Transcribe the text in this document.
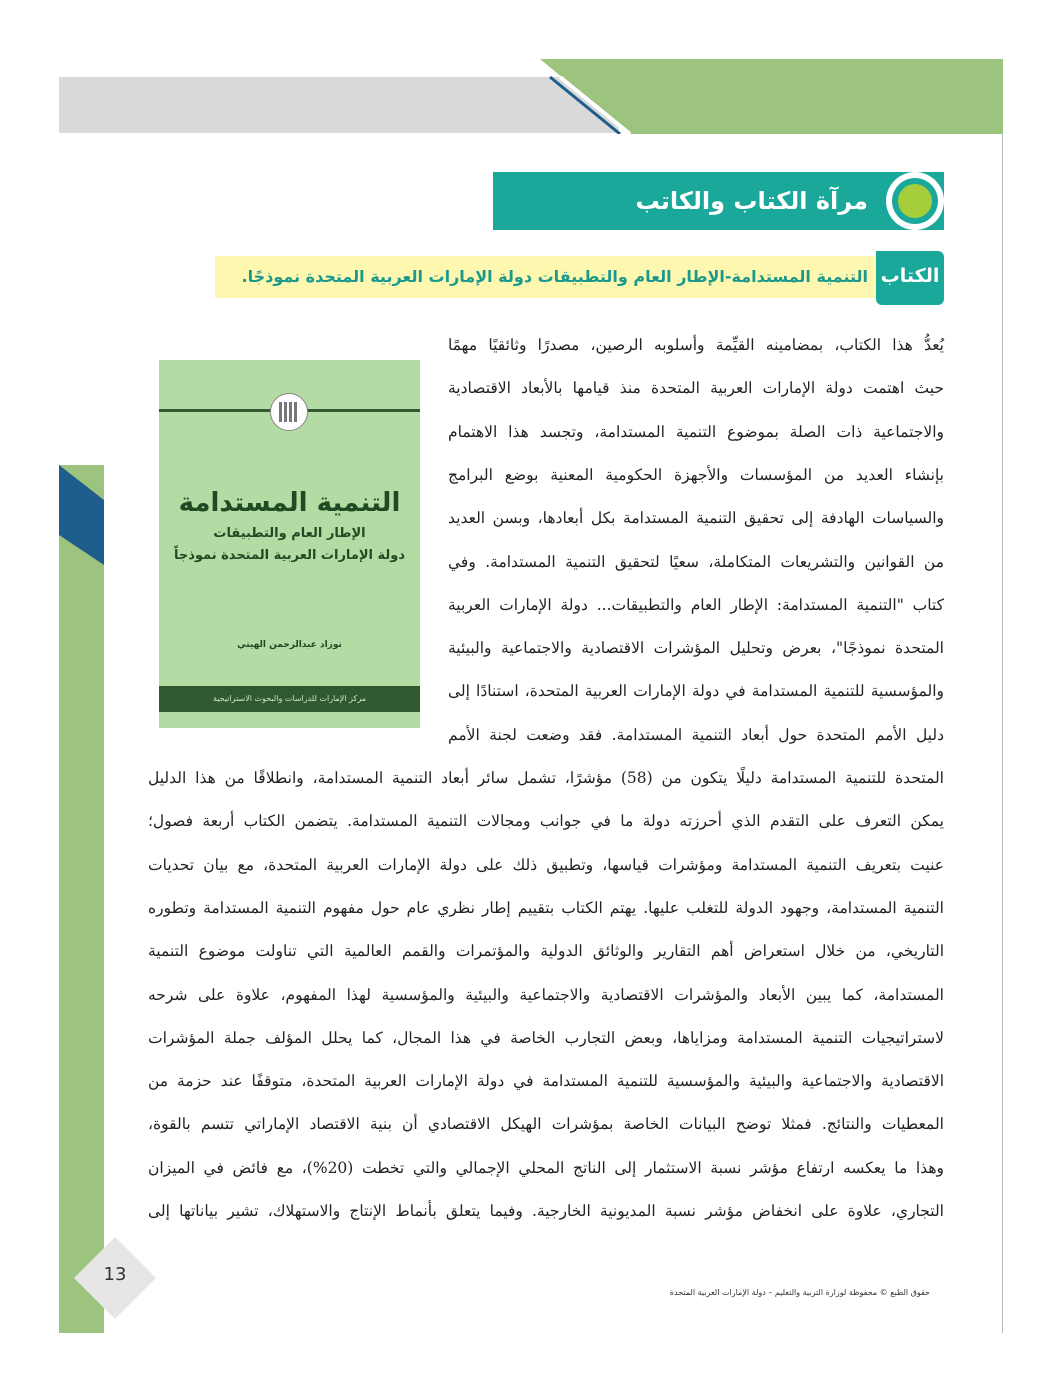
مرآة الكتاب والكاتب
الكتاب
التنمية المستدامة-الإطار العام والتطبيقات دولة الإمارات العربية المتحدة نموذجًا.
التنمية المستدامة
الإطار العام والتطبيقات
دولة الإمارات العربية المتحدة نموذجاً
نوزاد عبدالرحمن الهيتي
مركز الإمارات للدراسات والبحوث الاستراتيجية
يُعدُّ هذا الكتاب، بمضامينه القيِّمة وأسلوبه الرصين، مصدرًا وثائقيًا مهمًا
حيث اهتمت دولة الإمارات العربية المتحدة منذ قيامها بالأبعاد الاقتصادية
والاجتماعية ذات الصلة بموضوع التنمية المستدامة، وتجسد هذا الاهتمام
بإنشاء العديد من المؤسسات والأجهزة الحكومية المعنية بوضع البرامج
والسياسات الهادفة إلى تحقيق التنمية المستدامة بكل أبعادها، وبسن العديد
من القوانين والتشريعات المتكاملة، سعيًا لتحقيق التنمية المستدامة. وفي
كتاب "التنمية المستدامة: الإطار العام والتطبيقات... دولة الإمارات العربية
المتحدة نموذجًا"، بعرض وتحليل المؤشرات الاقتصادية والاجتماعية والبيئية
والمؤسسية للتنمية المستدامة في دولة الإمارات العربية المتحدة، استنادًا إلى
دليل الأمم المتحدة حول أبعاد التنمية المستدامة. فقد وضعت لجنة الأمم
المتحدة للتنمية المستدامة دليلًا يتكون من (58) مؤشرًا، تشمل سائر أبعاد التنمية المستدامة، وانطلاقًا من هذا الدليل
يمكن التعرف على التقدم الذي أحرزته دولة ما في جوانب ومجالات التنمية المستدامة. يتضمن الكتاب أربعة فصول؛
عنيت بتعريف التنمية المستدامة ومؤشرات قياسها، وتطبيق ذلك على دولة الإمارات العربية المتحدة، مع بيان تحديات
التنمية المستدامة، وجهود الدولة للتغلب عليها. يهتم الكتاب بتقييم إطار نظري عام حول مفهوم التنمية المستدامة وتطوره
التاريخي، من خلال استعراض أهم التقارير والوثائق الدولية والمؤتمرات والقمم العالمية التي تناولت موضوع التنمية
المستدامة، كما يبين الأبعاد والمؤشرات الاقتصادية والاجتماعية والبيئية والمؤسسية لهذا المفهوم، علاوة على شرحه
لاستراتيجيات التنمية المستدامة ومزاياها، وبعض التجارب الخاصة في هذا المجال، كما يحلل المؤلف جملة المؤشرات
الاقتصادية والاجتماعية والبيئية والمؤسسية للتنمية المستدامة في دولة الإمارات العربية المتحدة، متوقفًا عند حزمة من
المعطيات والنتائج. فمثلا توضح البيانات الخاصة بمؤشرات الهيكل الاقتصادي أن بنية الاقتصاد الإماراتي تتسم بالقوة،
وهذا ما يعكسه ارتفاع مؤشر نسبة الاستثمار إلى الناتج المحلي الإجمالي والتي تخطت (20%)، مع فائض في الميزان
التجاري، علاوة على انخفاض مؤشر نسبة المديونية الخارجية. وفيما يتعلق بأنماط الإنتاج والاستهلاك، تشير بياناتها إلى
13
حقوق الطبع © محفوظة لوزارة التربية والتعليم – دولة الإمارات العربية المتحدة
